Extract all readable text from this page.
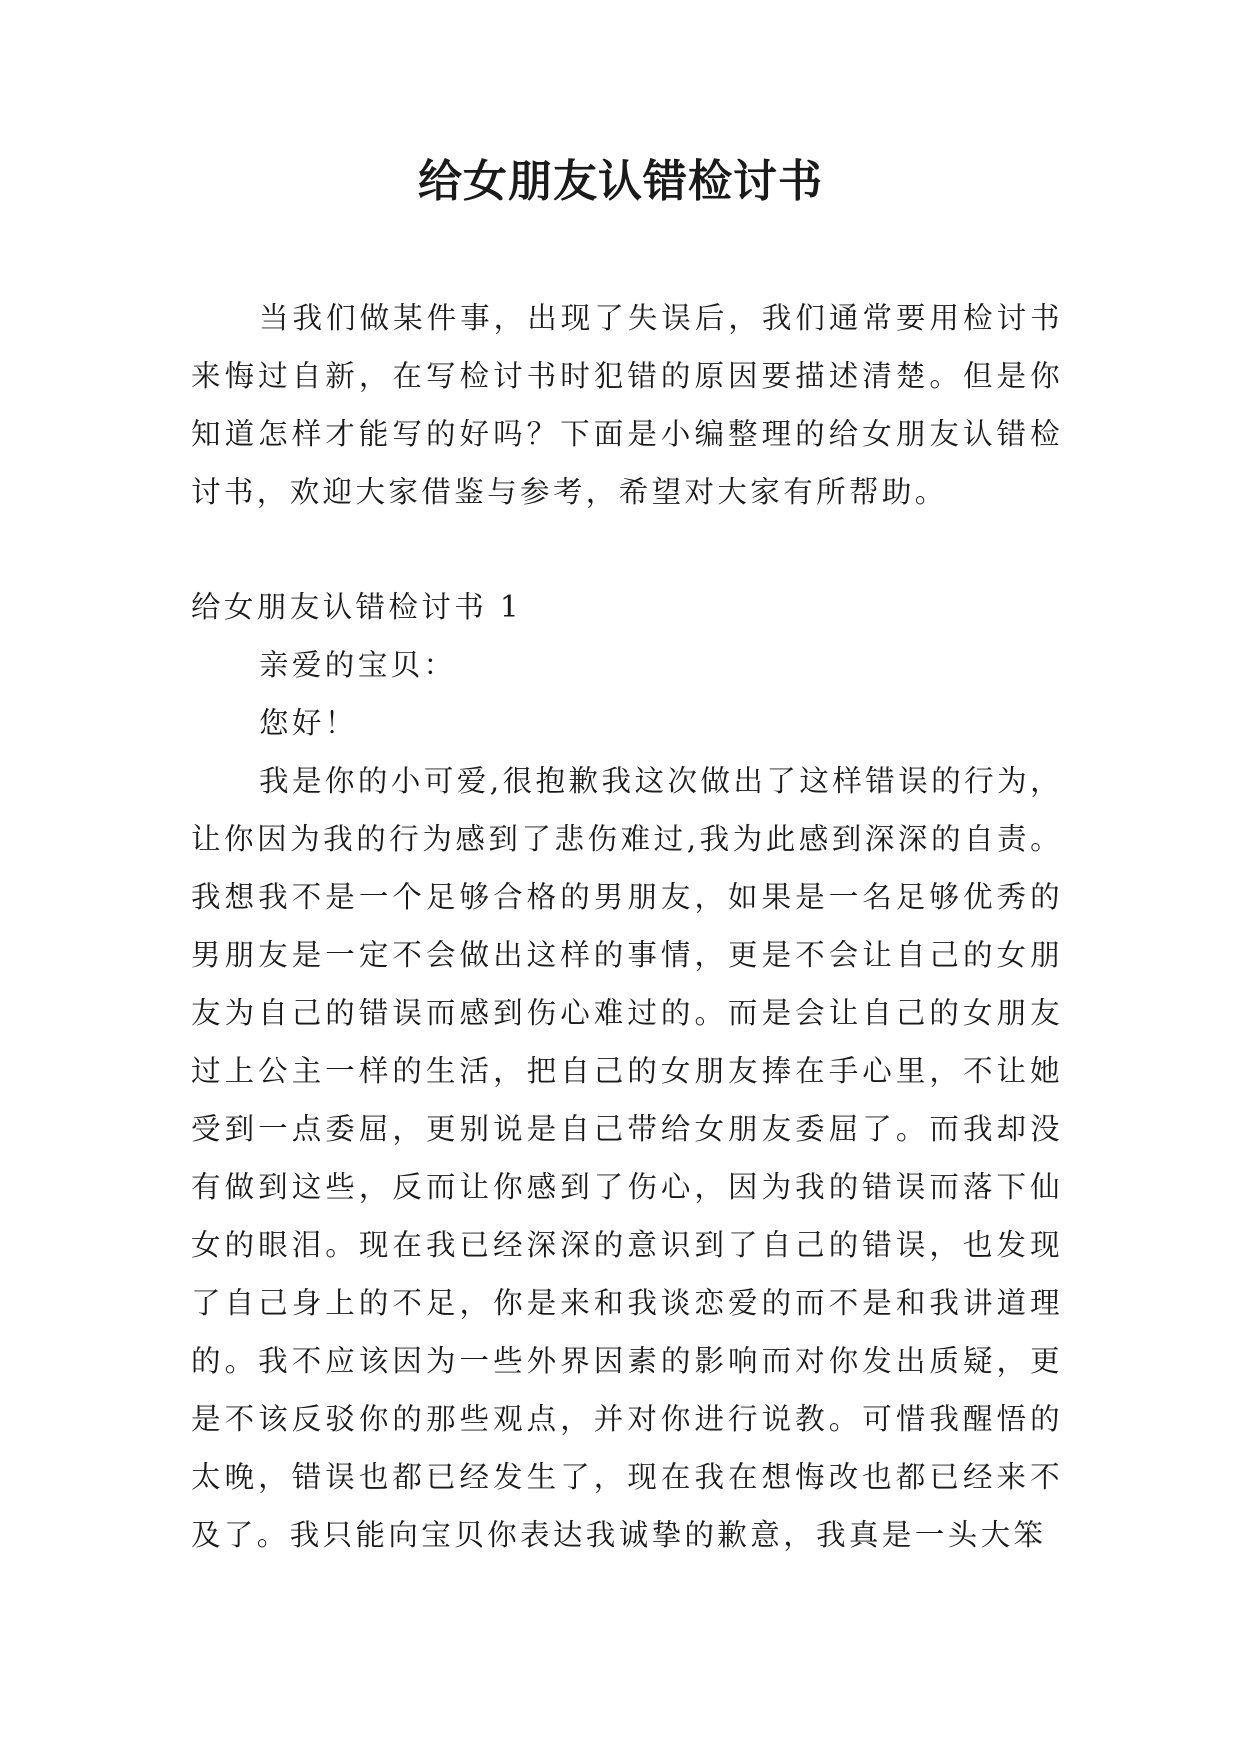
给女朋友认错检讨书

当我们做某件事，出现了失误后，我们通常要用检讨书来悔过自新，在写检讨书时犯错的原因要描述清楚。但是你知道怎样才能写的好吗？下面是小编整理的给女朋友认错检讨书，欢迎大家借鉴与参考，希望对大家有所帮助。

给女朋友认错检讨书 1

亲爱的宝贝：

您好！

我是你的小可爱,很抱歉我这次做出了这样错误的行为，让你因为我的行为感到了悲伤难过,我为此感到深深的自责。我想我不是一个足够合格的男朋友，如果是一名足够优秀的男朋友是一定不会做出这样的事情，更是不会让自己的女朋友为自己的错误而感到伤心难过的。而是会让自己的女朋友过上公主一样的生活，把自己的女朋友捧在手心里，不让她受到一点委屈，更别说是自己带给女朋友委屈了。而我却没有做到这些，反而让你感到了伤心，因为我的错误而落下仙女的眼泪。现在我已经深深的意识到了自己的错误，也发现了自己身上的不足，你是来和我谈恋爱的而不是和我讲道理的。我不应该因为一些外界因素的影响而对你发出质疑，更是不该反驳你的那些观点，并对你进行说教。可惜我醒悟的太晚，错误也都已经发生了，现在我在想悔改也都已经来不及了。我只能向宝贝你表达我诚挚的歉意，我真是一头大笨
